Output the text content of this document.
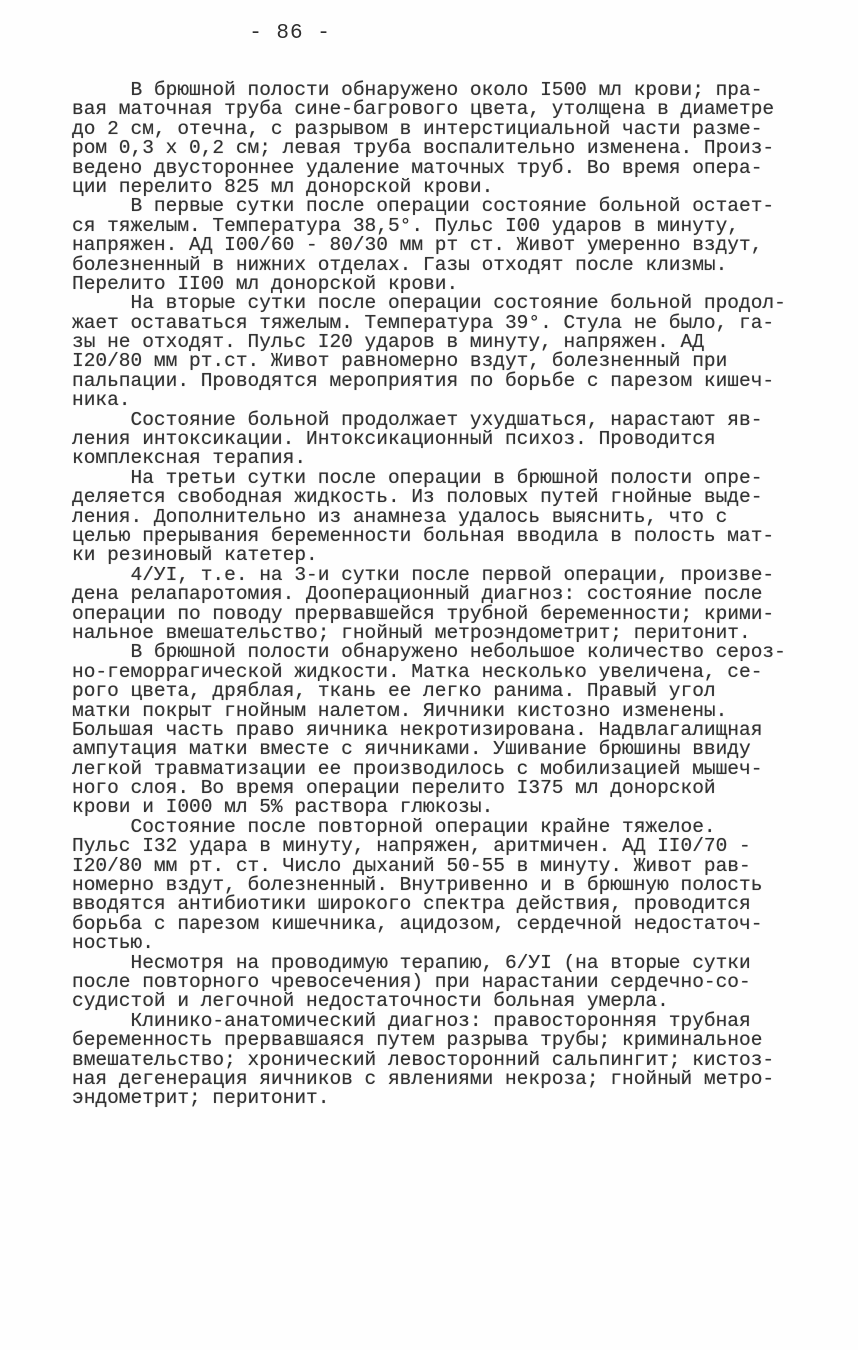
- 86 -
В брюшной полости обнаружено около I500 мл крови; пра-
вая маточная труба сине-багрового цвета, утолщена в диаметре
до 2 см, отечна, с разрывом в интерстициальной части разме-
ром 0,3 х 0,2 см; левая труба воспалительно изменена. Произ-
ведено двустороннее удаление маточных труб. Во время опера-
ции перелито 825 мл донорской крови.
В первые сутки после операции состояние больной остает-
ся тяжелым. Температура 38,5°. Пульс I00 ударов в минуту,
напряжен. АД I00/60 - 80/30 мм рт ст. Живот умеренно вздут,
болезненный в нижних отделах. Газы отходят после клизмы.
Перелито II00 мл донорской крови.
На вторые сутки после операции состояние больной продол-
жает оставаться тяжелым. Температура 39°. Стула не было, га-
зы не отходят. Пульс I20 ударов в минуту, напряжен. АД
I20/80 мм рт.ст. Живот равномерно вздут, болезненный при
пальпации. Проводятся мероприятия по борьбе с парезом кишеч-
ника.
Состояние больной продолжает ухудшаться, нарастают яв-
ления интоксикации. Интоксикационный психоз. Проводится
комплексная терапия.
На третьи сутки после операции в брюшной полости опре-
деляется свободная жидкость. Из половых путей гнойные выде-
ления. Дополнительно из анамнеза удалось выяснить, что с
целью прерывания беременности больная вводила в полость мат-
ки резиновый катетер.
4/УI, т.е. на 3-и сутки после первой операции, произве-
дена релапаротомия. Дооперационный диагноз: состояние после
операции по поводу прервавшейся трубной беременности; крими-
нальное вмешательство; гнойный метроэндометрит; перитонит.
В брюшной полости обнаружено небольшое количество сероз-
но-геморрагической жидкости. Матка несколько увеличена, се-
рого цвета, дряблая, ткань ее легко ранима. Правый угол
матки покрыт гнойным налетом. Яичники кистозно изменены.
Большая часть право яичника некротизирована. Надвлагалищная
ампутация матки вместе с яичниками. Ушивание брюшины ввиду
легкой травматизации ее производилось с мобилизацией мышеч-
ного слоя. Во время операции перелито I375 мл донорской
крови и I000 мл 5% раствора глюкозы.
Состояние после повторной операции крайне тяжелое.
Пульс I32 удара в минуту, напряжен, аритмичен. АД II0/70 -
I20/80 мм рт. ст. Число дыханий 50-55 в минуту. Живот рав-
номерно вздут, болезненный. Внутривенно и в брюшную полость
вводятся антибиотики широкого спектра действия, проводится
борьба с парезом кишечника, ацидозом, сердечной недостаточ-
ностью.
Несмотря на проводимую терапию, 6/УI (на вторые сутки
после повторного чревосечения) при нарастании сердечно-со-
судистой и легочной недостаточности больная умерла.
Клинико-анатомический диагноз: правосторонняя трубная
беременность прервавшаяся путем разрыва трубы; криминальное
вмешательство; хронический левосторонний сальпингит; кистоз-
ная дегенерация яичников с явлениями некроза; гнойный метро-
эндометрит; перитонит.
